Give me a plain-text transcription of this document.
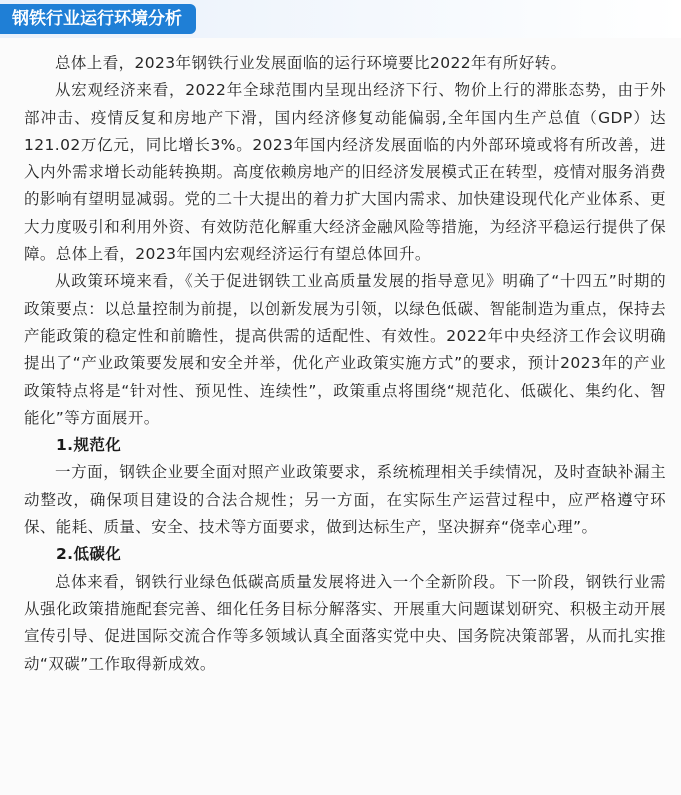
钢铁行业运行环境分析

总体上看，2023年钢铁行业发展面临的运行环境要比2022年有所好转。

从宏观经济来看，2022年全球范围内呈现出经济下行、物价上行的滞胀态势，由于外部冲击、疫情反复和房地产下滑，国内经济修复动能偏弱,全年国内生产总值（GDP）达121.02万亿元，同比增长3%。2023年国内经济发展面临的内外部环境或将有所改善，进入内外需求增长动能转换期。高度依赖房地产的旧经济发展模式正在转型，疫情对服务消费的影响有望明显减弱。党的二十大提出的着力扩大国内需求、加快建设现代化产业体系、更大力度吸引和利用外资、有效防范化解重大经济金融风险等措施，为经济平稳运行提供了保障。总体上看，2023年国内宏观经济运行有望总体回升。

从政策环境来看，《关于促进钢铁工业高质量发展的指导意见》明确了“十四五”时期的政策要点：以总量控制为前提，以创新发展为引领，以绿色低碳、智能制造为重点，保持去产能政策的稳定性和前瞻性，提高供需的适配性、有效性。2022年中央经济工作会议明确提出了“产业政策要发展和安全并举，优化产业政策实施方式”的要求，预计2023年的产业政策特点将是“针对性、预见性、连续性”，政策重点将围绕“规范化、低碳化、集约化、智能化”等方面展开。

1.规范化

一方面，钢铁企业要全面对照产业政策要求，系统梳理相关手续情况，及时查缺补漏主动整改，确保项目建设的合法合规性；另一方面，在实际生产运营过程中，应严格遵守环保、能耗、质量、安全、技术等方面要求，做到达标生产，坚决摒弃“侥幸心理”。

2.低碳化

总体来看，钢铁行业绿色低碳高质量发展将进入一个全新阶段。下一阶段，钢铁行业需从强化政策措施配套完善、细化任务目标分解落实、开展重大问题谋划研究、积极主动开展宣传引导、促进国际交流合作等多领域认真全面落实党中央、国务院决策部署，从而扎实推动“双碳”工作取得新成效。
